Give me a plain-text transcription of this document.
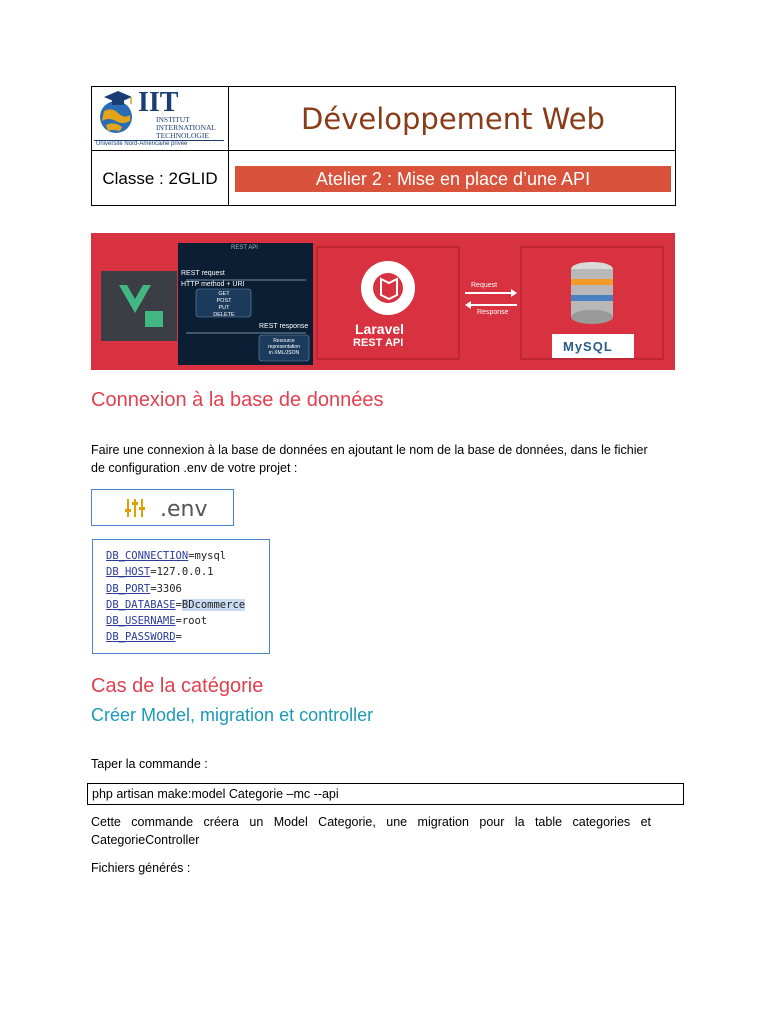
IIT
INSTITUT
INTERNATIONAL
TECHNOLOGIE
Université Nord-Américaine privée
Développement Web
Classe : 2GLID	Atelier 2 : Mise en place d’une API
REST API
REST request
HTTP method + URI
GET
POST
PUT
DELETE
REST response
Resource
representation
in XML/JSON
Laravel
REST API
Request
Response
MySQL
Connexion à la base de données
Faire une connexion à la base de données en ajoutant le nom de la base de données, dans le fichier
de configuration .env de votre projet :
.env
DB_CONNECTION=mysql
DB_HOST=127.0.0.1
DB_PORT=3306
DB_DATABASE=BDcommerce
DB_USERNAME=root
DB_PASSWORD=
Cas de la catégorie
Créer Model, migration et controller
Taper la commande :
php artisan make:model Categorie –mc --api
Cette   commande   créera   un   Model   Categorie,   une   migration   pour   la   table   categories   et
CategorieController
Fichiers générés :
